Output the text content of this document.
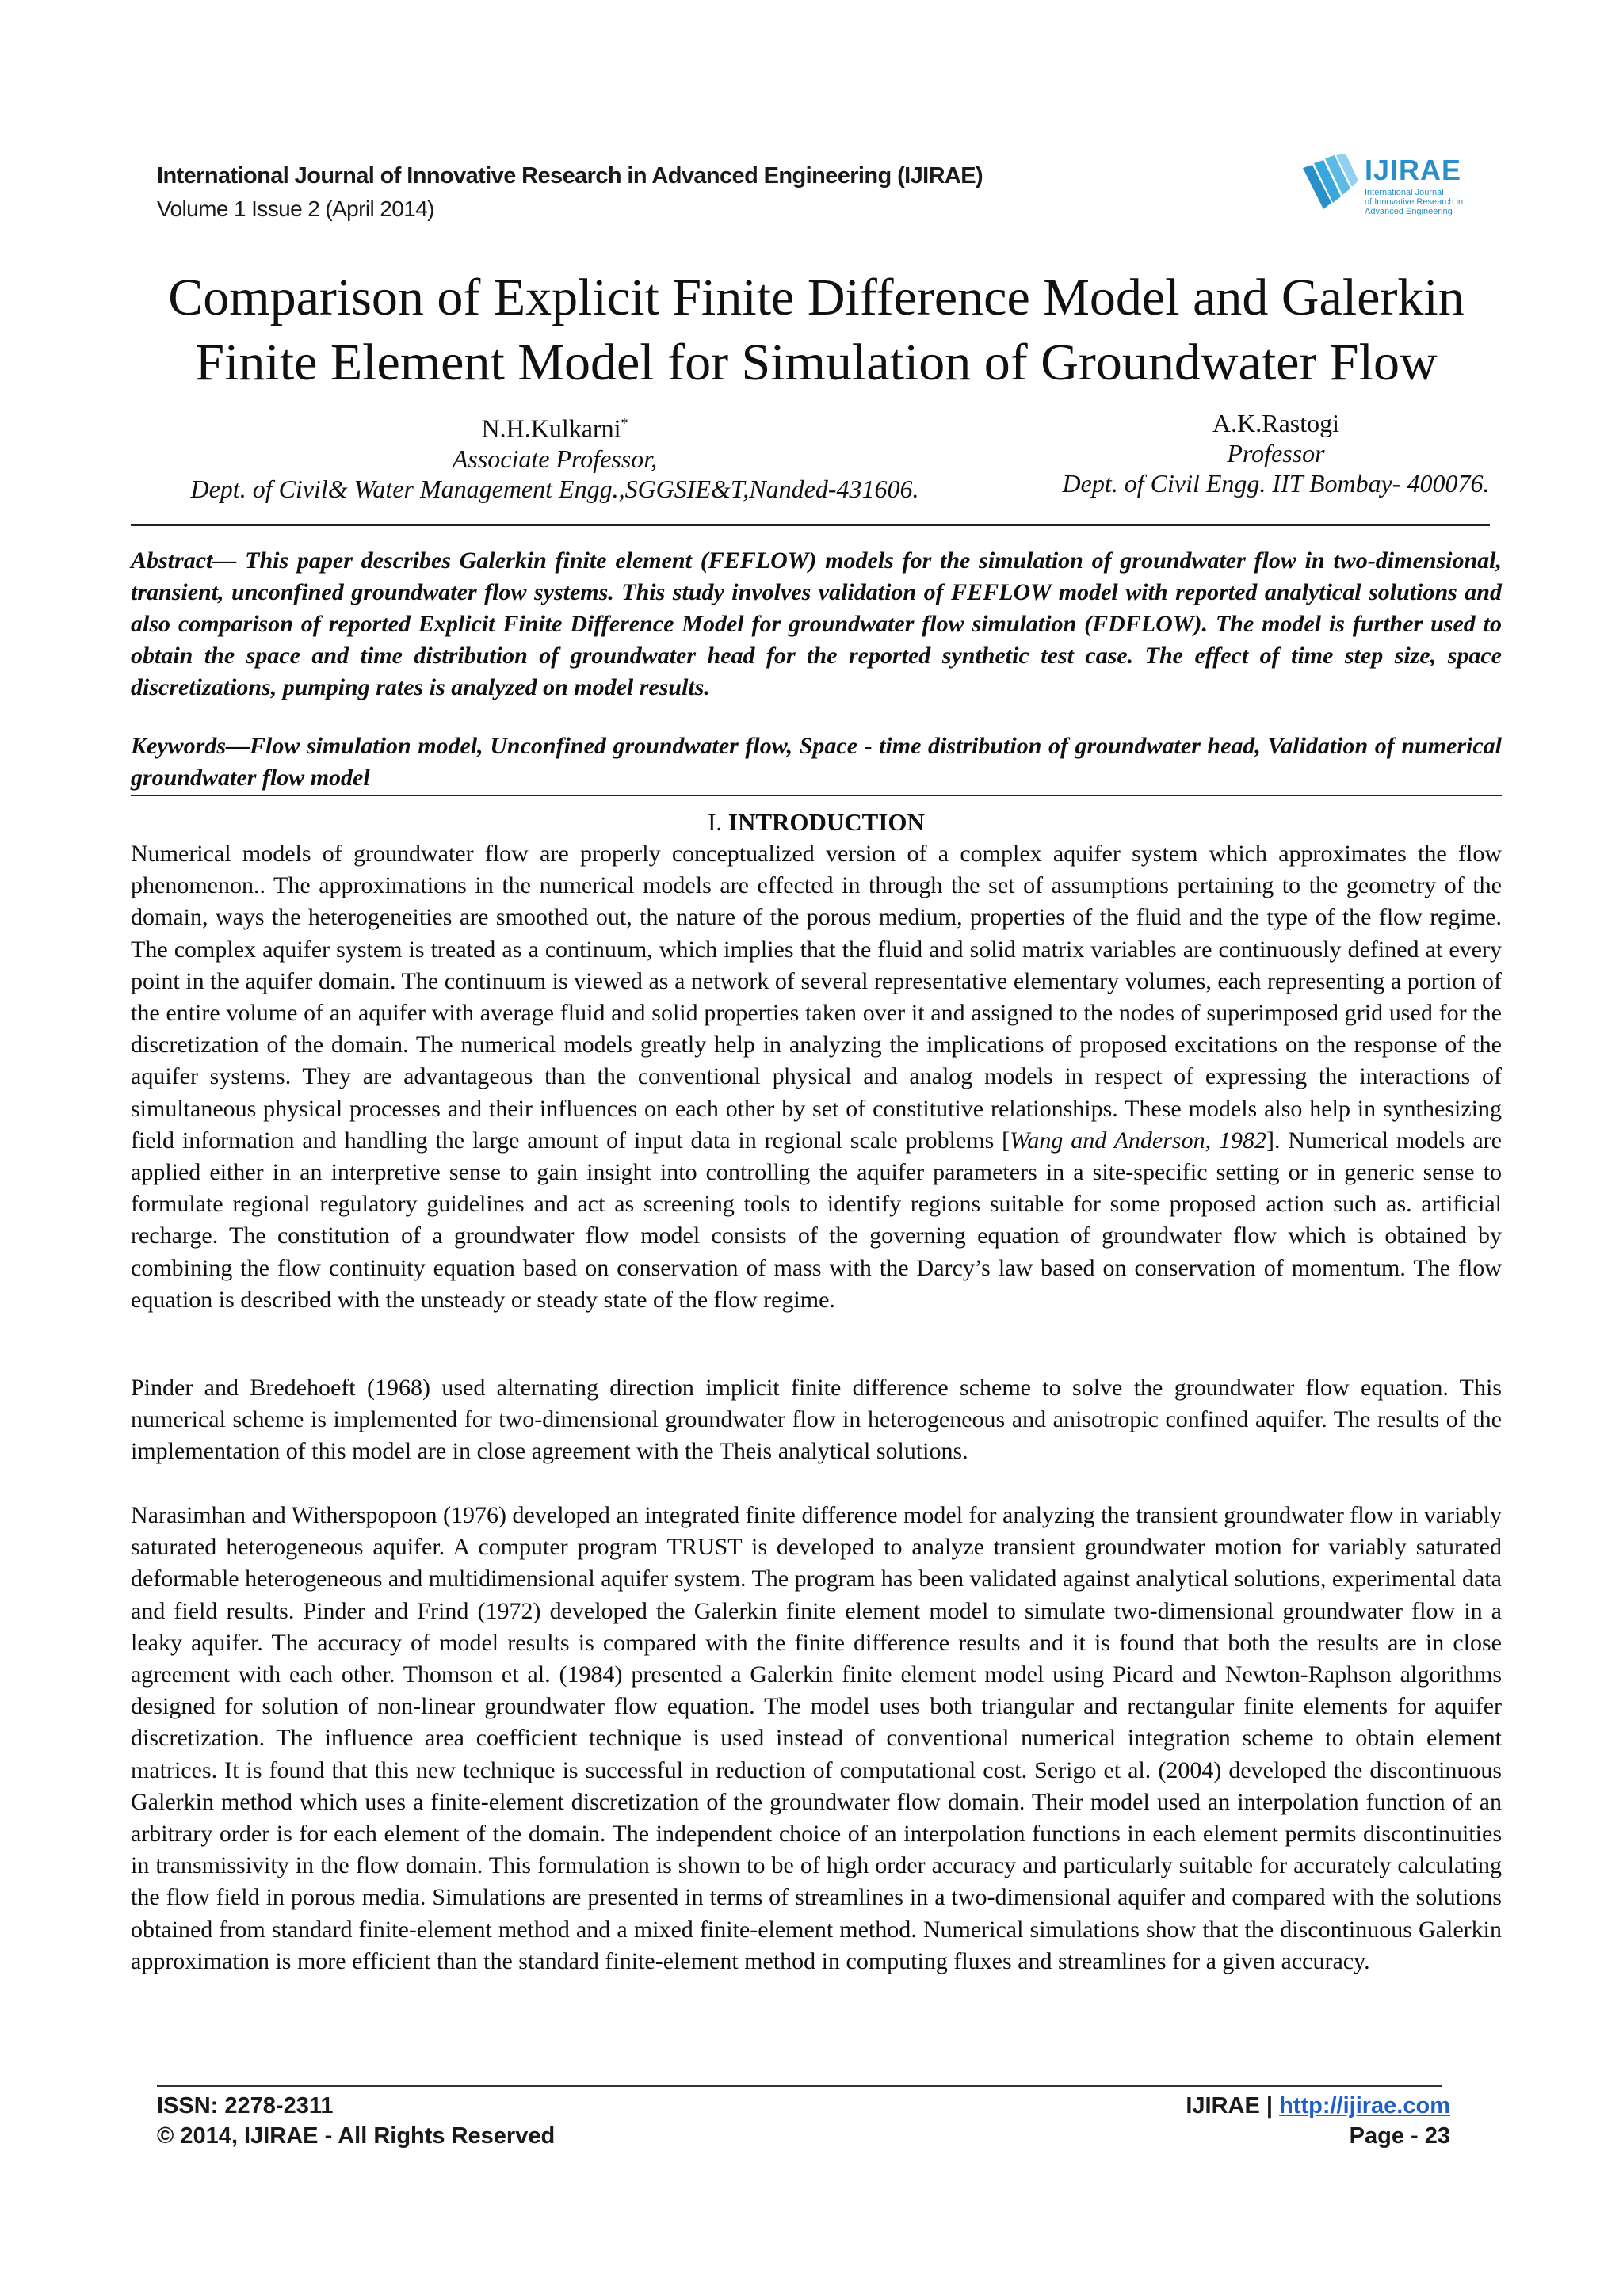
International Journal of Innovative Research in Advanced Engineering (IJIRAE)
Volume 1 Issue 2 (April 2014)
IJIRAE
International Journal
of Innovative Research in
Advanced Engineering
Comparison of Explicit Finite Difference Model and Galerkin
Finite Element Model for Simulation of Groundwater Flow
N.H.Kulkarni*
Associate Professor,
Dept. of Civil& Water Management Engg.,SGGSIE&T,Nanded-431606.
A.K.Rastogi
Professor
Dept. of Civil Engg. IIT Bombay- 400076.
Abstract— This paper describes Galerkin finite element (FEFLOW) models for the simulation of groundwater flow in two-dimensional, transient, unconfined groundwater flow systems. This study involves validation of FEFLOW model with reported analytical solutions and also comparison of reported Explicit Finite Difference Model for groundwater flow simulation (FDFLOW). The model is further used to obtain the space and time distribution of groundwater head for the reported synthetic test case. The effect of time step size, space discretizations, pumping rates is analyzed on model results.
Keywords—Flow simulation model, Unconfined groundwater flow, Space - time distribution of groundwater head, Validation of numerical groundwater flow model
I. INTRODUCTION
Numerical models of groundwater flow are properly conceptualized version of a complex aquifer system which approximates the flow phenomenon.. The approximations in the numerical models are effected in through the set of assumptions pertaining to the geometry of the domain, ways the heterogeneities are smoothed out, the nature of the porous medium, properties of the fluid and the type of the flow regime. The complex aquifer system is treated as a continuum, which implies that the fluid and solid matrix variables are continuously defined at every point in the aquifer domain. The continuum is viewed as a network of several representative elementary volumes, each representing a portion of the entire volume of an aquifer with average fluid and solid properties taken over it and assigned to the nodes of superimposed grid used for the discretization of the domain. The numerical models greatly help in analyzing the implications of proposed excitations on the response of the aquifer systems. They are advantageous than the conventional physical and analog models in respect of expressing the interactions of simultaneous physical processes and their influences on each other by set of constitutive relationships. These models also help in synthesizing field information and handling the large amount of input data in regional scale problems [Wang and Anderson, 1982]. Numerical models are applied either in an interpretive sense to gain insight into controlling the aquifer parameters in a site-specific setting or in generic sense to formulate regional regulatory guidelines and act as screening tools to identify regions suitable for some proposed action such as. artificial recharge. The constitution of a groundwater flow model consists of the governing equation of groundwater flow which is obtained by combining the flow continuity equation based on conservation of mass with the Darcy’s law based on conservation of momentum. The flow equation is described with the unsteady or steady state of the flow regime.
Pinder and Bredehoeft (1968) used alternating direction implicit finite difference scheme to solve the groundwater flow equation. This numerical scheme is implemented for two-dimensional groundwater flow in heterogeneous and anisotropic confined aquifer. The results of the implementation of this model are in close agreement with the Theis analytical solutions.
Narasimhan and Witherspopoon (1976) developed an integrated finite difference model for analyzing the transient groundwater flow in variably saturated heterogeneous aquifer. A computer program TRUST is developed to analyze transient groundwater motion for variably saturated deformable heterogeneous and multidimensional aquifer system. The program has been validated against analytical solutions, experimental data and field results. Pinder and Frind (1972) developed the Galerkin finite element model to simulate two-dimensional groundwater flow in a leaky aquifer. The accuracy of model results is compared with the finite difference results and it is found that both the results are in close agreement with each other. Thomson et al. (1984) presented a Galerkin finite element model using Picard and Newton-Raphson algorithms designed for solution of non-linear groundwater flow equation. The model uses both triangular and rectangular finite elements for aquifer discretization. The influence area coefficient technique is used instead of conventional numerical integration scheme to obtain element matrices. It is found that this new technique is successful in reduction of computational cost. Serigo et al. (2004) developed the discontinuous Galerkin method which uses a finite-element discretization of the groundwater flow domain. Their model used an interpolation function of an arbitrary order is for each element of the domain. The independent choice of an interpolation functions in each element permits discontinuities in transmissivity in the flow domain. This formulation is shown to be of high order accuracy and particularly suitable for accurately calculating the flow field in porous media. Simulations are presented in terms of streamlines in a two-dimensional aquifer and compared with the solutions obtained from standard finite-element method and a mixed finite-element method. Numerical simulations show that the discontinuous Galerkin approximation is more efficient than the standard finite-element method in computing fluxes and streamlines for a given accuracy.
ISSN: 2278-2311
© 2014, IJIRAE - All Rights Reserved
IJIRAE | http://ijirae.com
Page - 23
